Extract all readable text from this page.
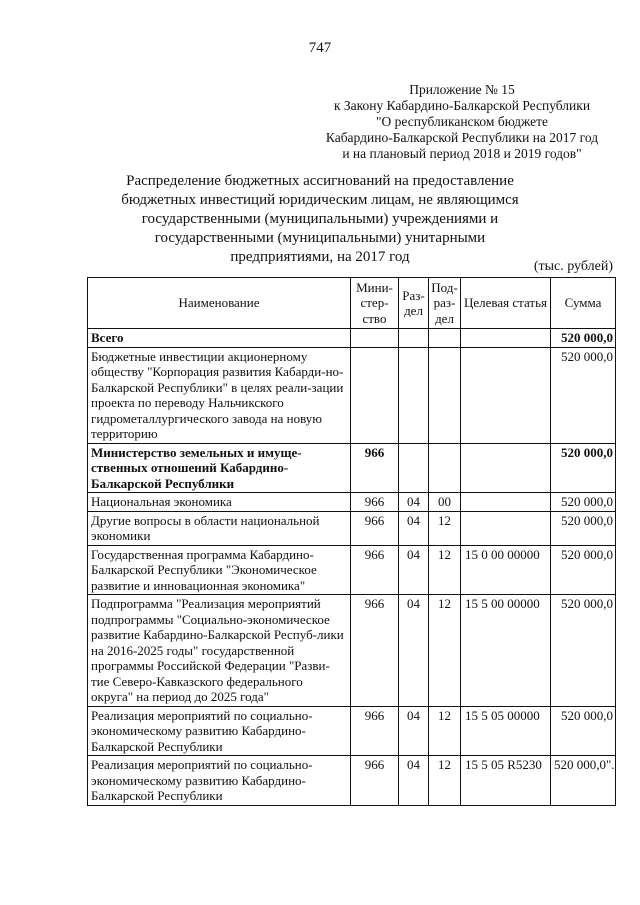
747
Приложение № 15
к Закону Кабардино-Балкарской Республики
"О республиканском бюджете
Кабардино-Балкарской Республики на 2017 год
и на плановый период 2018 и 2019 годов"
Распределение бюджетных ассигнований на предоставление
бюджетных инвестиций юридическим лицам, не являющимся
государственными (муниципальными) учреждениями и
государственными (муниципальными) унитарными
предприятиями, на 2017 год
(тыс. рублей)
Наименование	Мини-стер-ство	Раз-дел	Под-раз-дел	Целевая статья	Сумма
Всего					520 000,0
Бюджетные инвестиции акционерному обществу "Корпорация развития Кабарди-но-Балкарской Республики" в целях реали-зации проекта по переводу Нальчикского гидрометаллургического завода на новую территорию					520 000,0
Министерство земельных и имуще-ственных отношений Кабардино-Балкарской Республики	966				520 000,0
Национальная экономика	966	04	00		520 000,0
Другие вопросы в области национальной экономики	966	04	12		520 000,0
Государственная программа Кабардино-Балкарской Республики "Экономическое развитие и инновационная экономика"	966	04	12	15 0 00 00000	520 000,0
Подпрограмма "Реализация мероприятий подпрограммы "Социально-экономическое развитие Кабардино-Балкарской Респуб-лики на 2016-2025 годы" государственной программы Российской Федерации "Разви-тие Северо-Кавказского федерального округа" на период до 2025 года"	966	04	12	15 5 00 00000	520 000,0
Реализация мероприятий по социально-экономическому развитию Кабардино-Балкарской Республики	966	04	12	15 5 05 00000	520 000,0
Реализация мероприятий по социально-экономическому развитию Кабардино-Балкарской Республики	966	04	12	15 5 05 R5230	520 000,0".
